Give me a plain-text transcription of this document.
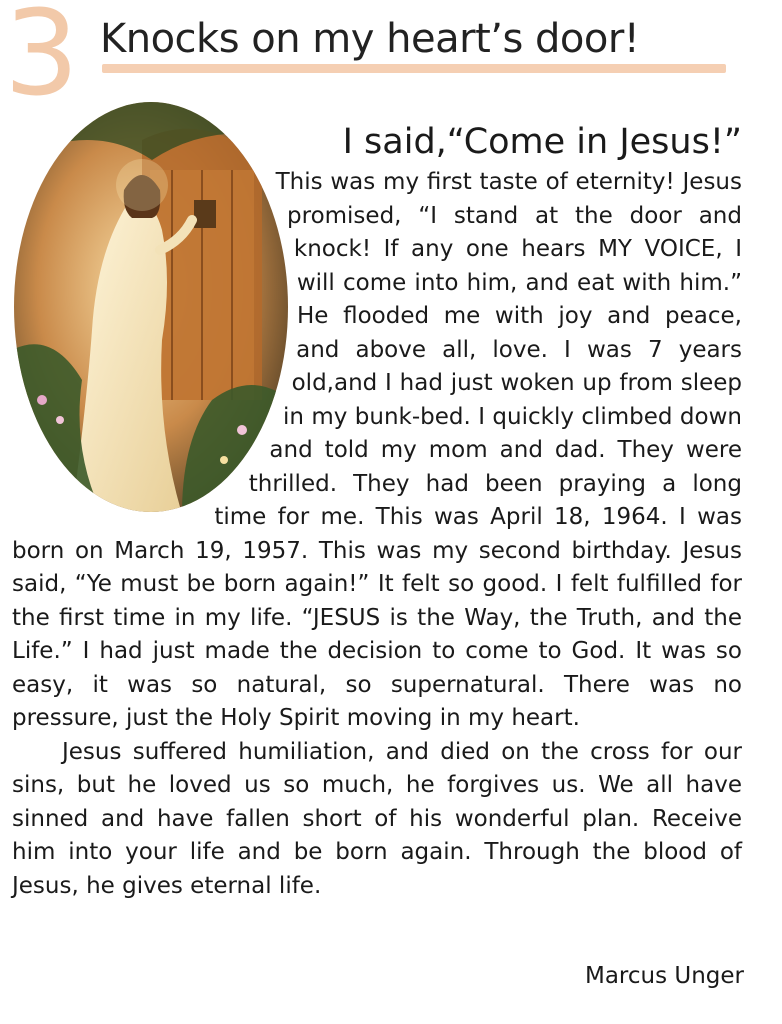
3 Knocks on my heart’s door!
I said,“Come in Jesus!”

This was my first taste of eternity! Jesus promised, “I stand at the door and knock! If any one hears MY VOICE, I will come into him, and eat with him.” He flooded me with joy and peace, and above all, love. I was 7 years old,and I had just woken up from sleep in my bunk-bed. I quickly climbed down and told my mom and dad. They were thrilled. They had been praying a long time for me. This was April 18, 1964. I was born on March 19, 1957. This was my second birthday. Jesus said, “Ye must be born again!” It felt so good. I felt fulfilled for the first time in my life. “JESUS is the Way, the Truth, and the Life.” I had just made the decision to come to God. It was so easy, it was so natural, so supernatural. There was no pressure, just the Holy Spirit moving in my heart.

Jesus suffered humiliation, and died on the cross for our sins, but he loved us so much, he forgives us. We all have sinned and have fallen short of his wonderful plan. Receive him into your life and be born again. Through the blood of Jesus, he gives eternal life.

Marcus Unger
